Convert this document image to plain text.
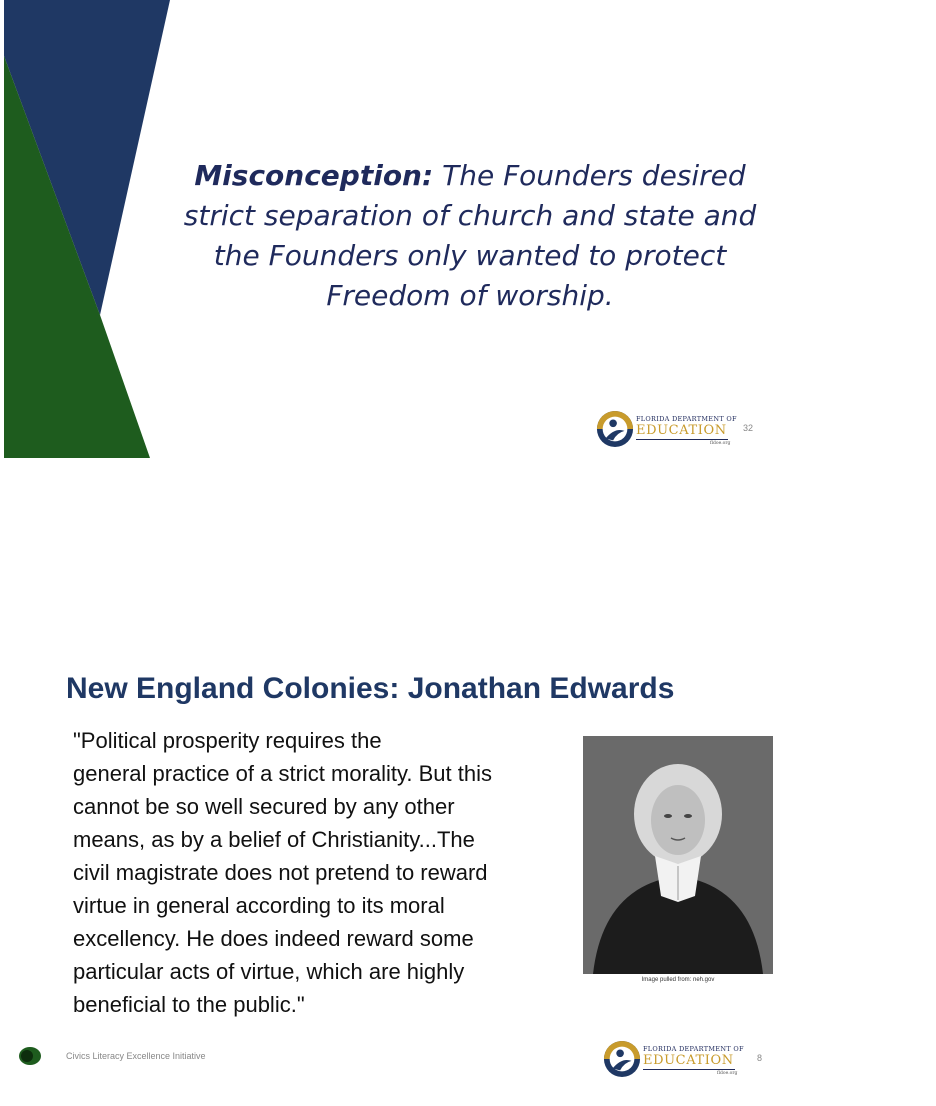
Misconception: The Founders desired strict separation of church and state and the Founders only wanted to protect Freedom of worship.
FLORIDA DEPARTMENT OF
EDUCATION
fldoe.org
32
New England Colonies: Jonathan Edwards

"Political prosperity requires the
general practice of a strict morality. But this
cannot be so well secured by any other
means, as by a belief of Christianity...The
civil magistrate does not pretend to reward
virtue in general according to its moral
excellency. He does indeed reward some
particular acts of virtue, which are highly
beneficial to the public."

Image pulled from: neh.gov
Civics Literacy Excellence Initiative
FLORIDA DEPARTMENT OF
EDUCATION
fldoe.org
8
